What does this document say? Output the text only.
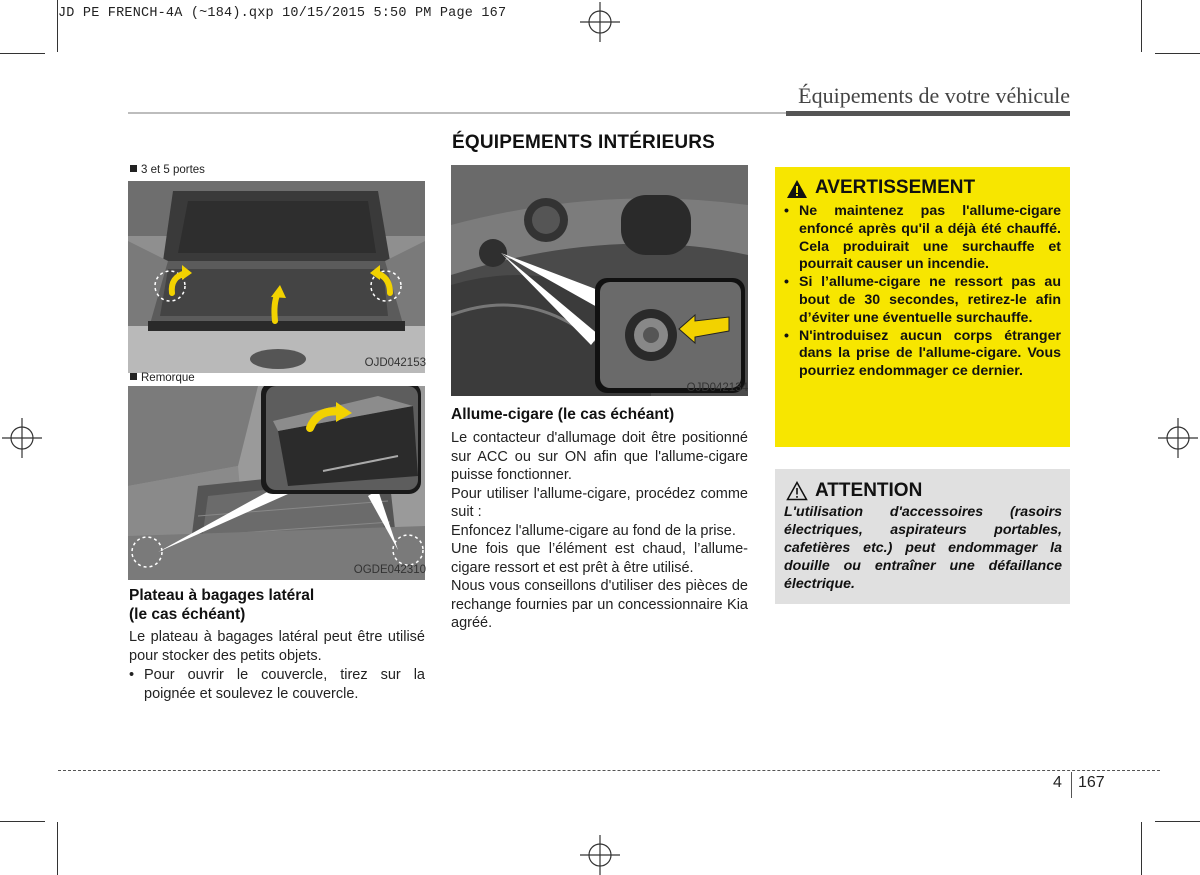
JD PE FRENCH-4A (~184).qxp 10/15/2015 5:50 PM Page 167
Équipements de votre véhicule
ÉQUIPEMENTS INTÉRIEURS
3 et 5 portes
OJD042153
Remorque
OGDE042310
Plateau à bagages latéral
(le cas échéant)
Le plateau à bagages latéral peut être utilisé pour stocker des petits objets.
• Pour ouvrir le couvercle, tirez sur la poignée et soulevez le couvercle.
OJD042134
Allume-cigare (le cas échéant)
Le contacteur d'allumage doit être positionné sur ACC ou sur ON afin que l'allume-cigare puisse fonctionner.
Pour utiliser l'allume-cigare, procédez comme suit :
Enfoncez l'allume-cigare au fond de la prise.
Une fois que l’élément est chaud, l’allume-cigare ressort et est prêt à être utilisé.
Nous vous conseillons d'utiliser des pièces de rechange fournies par un concessionnaire Kia agréé.
AVERTISSEMENT
• Ne maintenez pas l'allume-cigare enfoncé après qu'il a déjà été chauffé. Cela produirait une surchauffe et pourrait causer un incendie.
• Si l’allume-cigare ne ressort pas au bout de 30 secondes, retirez-le afin d’éviter une éventuelle surchauffe.
• N'introduisez aucun corps étranger dans la prise de l'allume-cigare. Vous pourriez endommager ce dernier.
ATTENTION
L'utilisation d'accessoires (rasoirs électriques, aspirateurs portables, cafetières etc.) peut endommager la douille ou entraîner une défaillance électrique.
4 167
